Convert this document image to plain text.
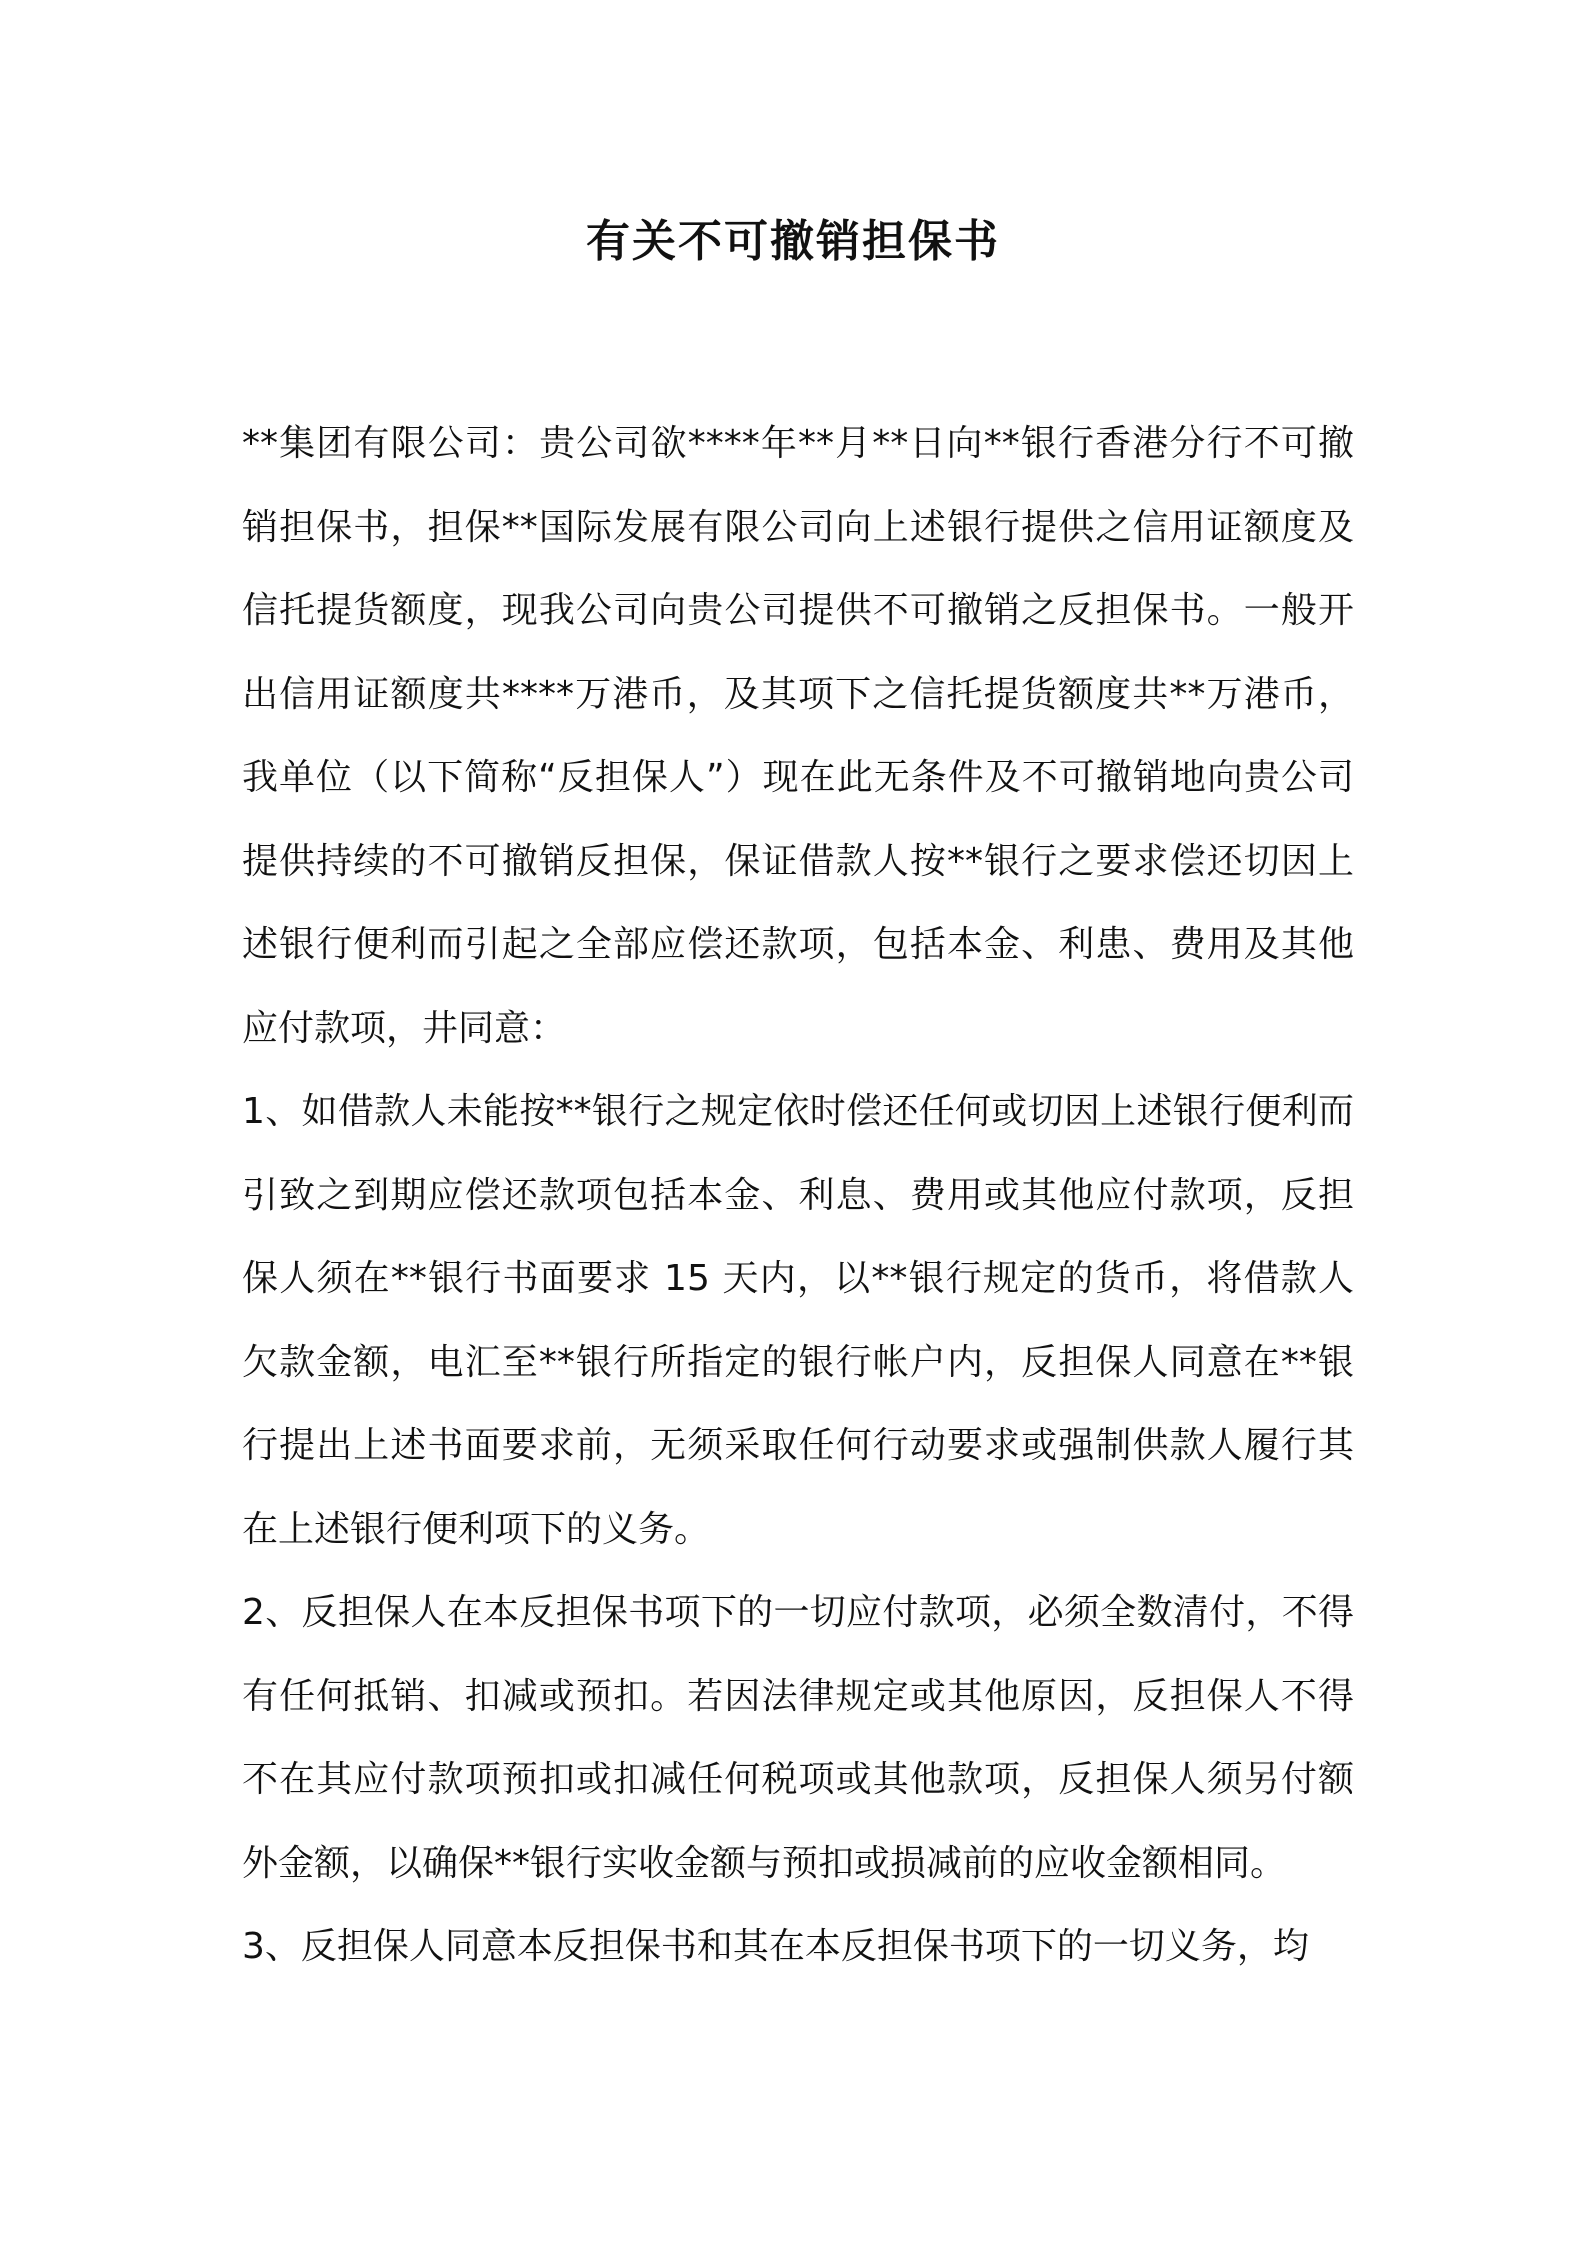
有关不可撤销担保书

**集团有限公司：贵公司欲****年**月**日向**银行香港分行不可撤销担保书，担保**国际发展有限公司向上述银行提供之信用证额度及信托提货额度，现我公司向贵公司提供不可撤销之反担保书。一般开出信用证额度共****万港币，及其项下之信托提货额度共**万港币，我单位（以下简称“反担保人”）现在此无条件及不可撤销地向贵公司提供持续的不可撤销反担保，保证借款人按**银行之要求偿还切因上述银行便利而引起之全部应偿还款项，包括本金、利患、费用及其他应付款项，井同意：

1、如借款人未能按**银行之规定依时偿还任何或切因上述银行便利而引致之到期应偿还款项包括本金、利息、费用或其他应付款项，反担保人须在**银行书面要求 15 天内，以**银行规定的货币，将借款人欠款金额，电汇至**银行所指定的银行帐户内，反担保人同意在**银行提出上述书面要求前，无须采取任何行动要求或强制供款人履行其在上述银行便利项下的义务。

2、反担保人在本反担保书项下的一切应付款项，必须全数清付，不得有任何抵销、扣减或预扣。若因法律规定或其他原因，反担保人不得不在其应付款项预扣或扣减任何税项或其他款项，反担保人须另付额外金额，以确保**银行实收金额与预扣或损减前的应收金额相同。

3、反担保人同意本反担保书和其在本反担保书项下的一切义务，均
